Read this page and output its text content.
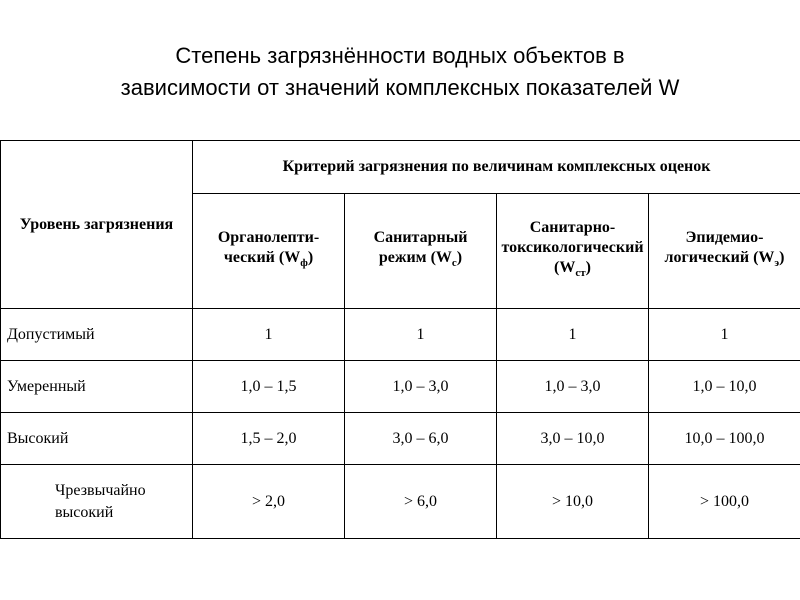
Степень загрязнённости водных объектов в
зависимости от значений комплексных показателей W
Уровень загрязнения	Критерий загрязнения по величинам комплексных оценок			
	Органолепти-ческий $(W_ф)$	Санитарный режим $(W_c)$	Санитарно-токсикологический $(W_{ст})$	Эпидемио-логический $(W_э)$
Допустимый	1	1	1	1
Умеренный	1,0 – 1,5	1,0 – 3,0	1,0 – 3,0	1,0 – 10,0
Высокий	1,5 – 2,0	3,0 – 6,0	3,0 – 10,0	10,0 – 100,0
Чрезвычайно высокий	> 2,0	> 6,0	> 10,0	> 100,0
